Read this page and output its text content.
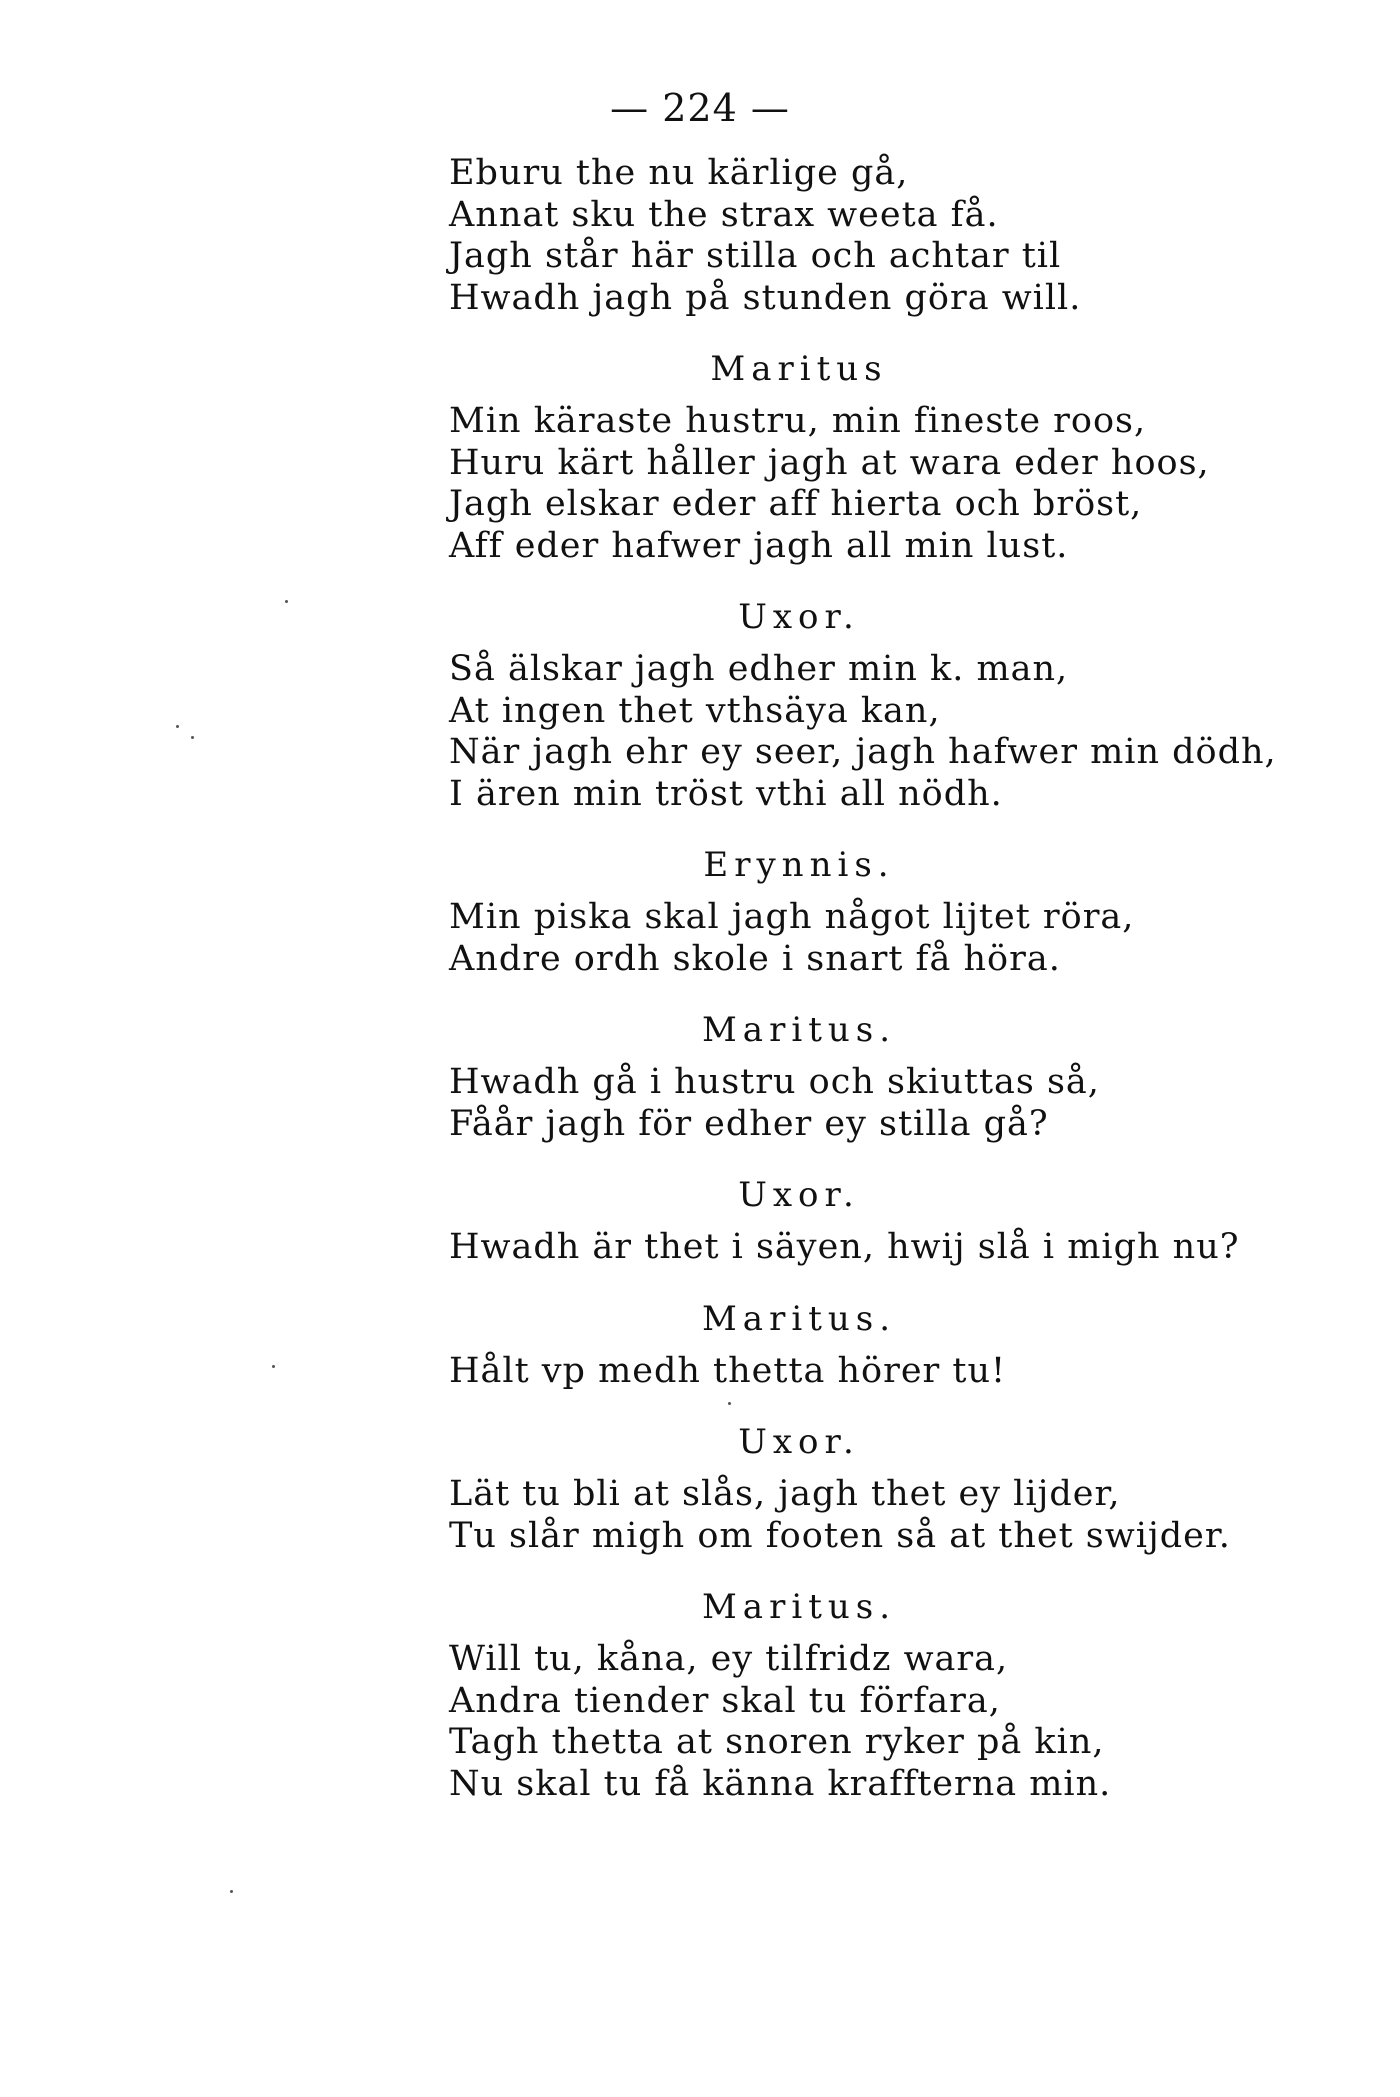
— 224 —
Eburu the nu kärlige gå,
Annat sku the strax weeta få.
Jagh står här stilla och achtar til
Hwadh jagh på stunden göra will.
Maritus
Min käraste hustru, min fineste roos,
Huru kärt håller jagh at wara eder hoos,
Jagh elskar eder aff hierta och bröst,
Aff eder hafwer jagh all min lust.
Uxor.
Så älskar jagh edher min k. man,
At ingen thet vthsäya kan,
När jagh ehr ey seer, jagh hafwer min dödh,
I ären min tröst vthi all nödh.
Erynnis.
Min piska skal jagh något lijtet röra,
Andre ordh skole i snart få höra.
Maritus.
Hwadh gå i hustru och skiuttas så,
Fåår jagh för edher ey stilla gå?
Uxor.
Hwadh är thet i säyen, hwij slå i migh nu?
Maritus.
Hålt vp medh thetta hörer tu!
Uxor.
Lät tu bli at slås, jagh thet ey lijder,
Tu slår migh om footen så at thet swijder.
Maritus.
Will tu, kåna, ey tilfridz wara,
Andra tiender skal tu förfara,
Tagh thetta at snoren ryker på kin,
Nu skal tu få känna kraffterna min.
